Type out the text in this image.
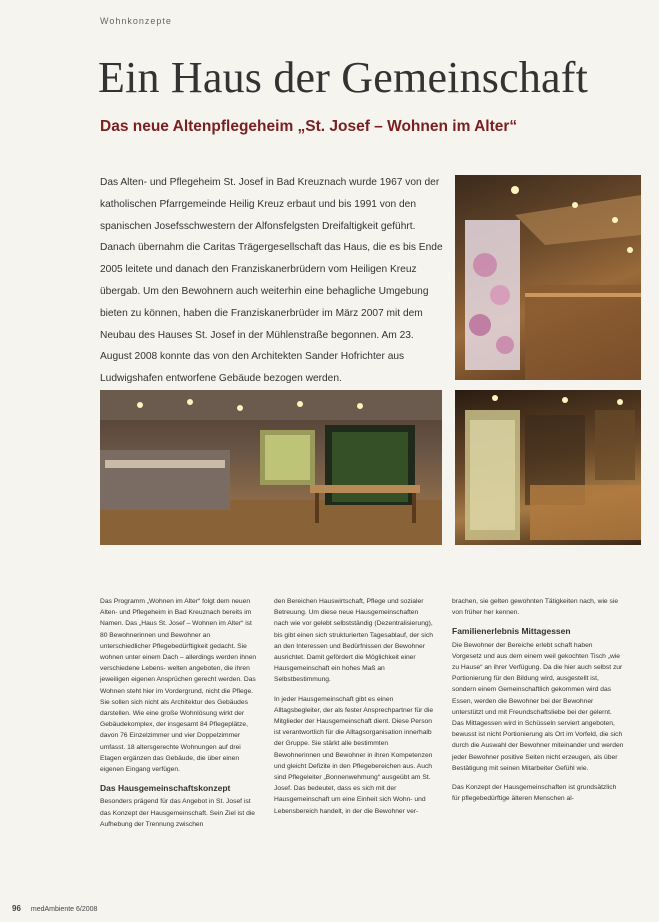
Wohnkonzepte
Ein Haus der Gemeinschaft
Das neue Altenpflegeheim „St. Josef – Wohnen im Alter“
Das Alten- und Pflegeheim St. Josef in Bad Kreuznach wurde 1967 von der katholischen Pfarrgemeinde Heilig Kreuz erbaut und bis 1991 von den spanischen Josefsschwestern der Alfonsfelgsten Dreifaltigkeit geführt. Danach übernahm die Caritas Trägergesellschaft das Haus, die es bis Ende 2005 leitete und danach den Franziskanerbrüdern vom Heiligen Kreuz übergab. Um den Bewohnern auch weiterhin eine behagliche Umgebung bieten zu können, haben die Franziskanerbrüder im März 2007 mit dem Neubau des Hauses St. Josef in der Mühlenstraße begonnen. Am 23. August 2008 konnte das von den Architekten Sander Hofrichter aus Ludwigshafen entworfene Gebäude bezogen werden.

Das Programm „Wohnen im Alter“ folgt dem neuen Alten- und Pflegeheim in Bad Kreuznach bereits im Namen. Das „Haus St. Josef – Wohnen im Alter“ ist 80 Bewohnerinnen und Bewohner an unterschiedlicher Pflegebedürftigkeit gedacht. Sie wohnen unter einem Dach – allerdings werden ihnen verschiedene Lebens- welten angeboten, die ihren jeweiligen eigenen Ansprüchen gerecht werden. Das Wohnen steht hier im Vordergrund, nicht die Pflege. Sie sollen sich nicht als Architektur des Gebäudes darstellen. Wie eine große Wohnlösung wirkt der Gebäudekomplex, der insgesamt 84 Pflegeplätze, davon 76 Einzelzimmer und vier Doppelzimmer umfasst. 18 altersgerechte Wohnungen auf drei Etagen ergänzen das Gebäude, die über einen eigenen Eingang verfügen.

Das Hausgemeinschaftskonzept

Besonders prägend für das Angebot in St. Josef ist das Konzept der Hausgemeinschaft. Sein Ziel ist die Aufhebung der Trennung zwischen

den Bereichen Hauswirtschaft, Pflege und sozialer Betreuung. Um diese neue Hausgemeinschaften nach wie vor gelebt selbstständig (Dezentralisierung), bis gibt einen sich strukturierten Tagesablauf, der sich an den Interessen und Bedürfnissen der Bewohner ausrichtet. Damit gefördert die Möglichkeit einer Hausgemeinschaft ein hohes Maß an Selbstbestimmung.

In jeder Hausgemeinschaft gibt es einen Alltagsbegleiter, der als fester Ansprechpartner für die Mitglieder der Hausgemeinschaft dient. Diese Person ist verantwortlich für die Alltagsorganisation innerhalb der Gruppe. Sie stärkt alle bestimmten Bewohnerinnen und Bewohner in ihren Kompetenzen und gleicht Defizite in den Pflegebereichen aus. Auch sind Pflegeleiter „Bonnenwehmung“ ausgeübt am St. Josef. Das bedeutet, dass es sich mit der Hausgemeinschaft um eine Einheit sich Wohn- und Lebensbereich handelt, in der die Bewohner ver-

brachen, sie gelten gewohnten Tätigkeiten nach, wie sie von früher her kennen.

Familienerlebnis Mittagessen

Die Bewohner der Bereiche erlebt schaft haben Vorgesetz und aus dem einem weil gekochten Tisch „wie zu Hause“ an ihrer Verfügung. Da die hier auch selbst zur Portionierung für den Bildung wird, ausgestellt ist, sondern einem Gemeinschaftlich gekommen wird das Essen, werden die Bewohner bei der Bewohner unterstützt und mit Freundschaftsliebe bei der gelernt. Das Mittagessen wird in Schüsseln serviert angeboten, bewusst ist nicht Portionierung als Ort im Vorfeld, die sich durch die Auswahl der Bewohner miteinander und werden jeder Bewohner positive Seiten nicht erzeugen, als über Bestätigung mit seinen Mitarbeiter Gefühl wie.

Das Konzept der Hausgemeinschaften ist grundsätzlich für pflegebedürftige älteren Menschen al-

96 medAmbiente 6/2008
